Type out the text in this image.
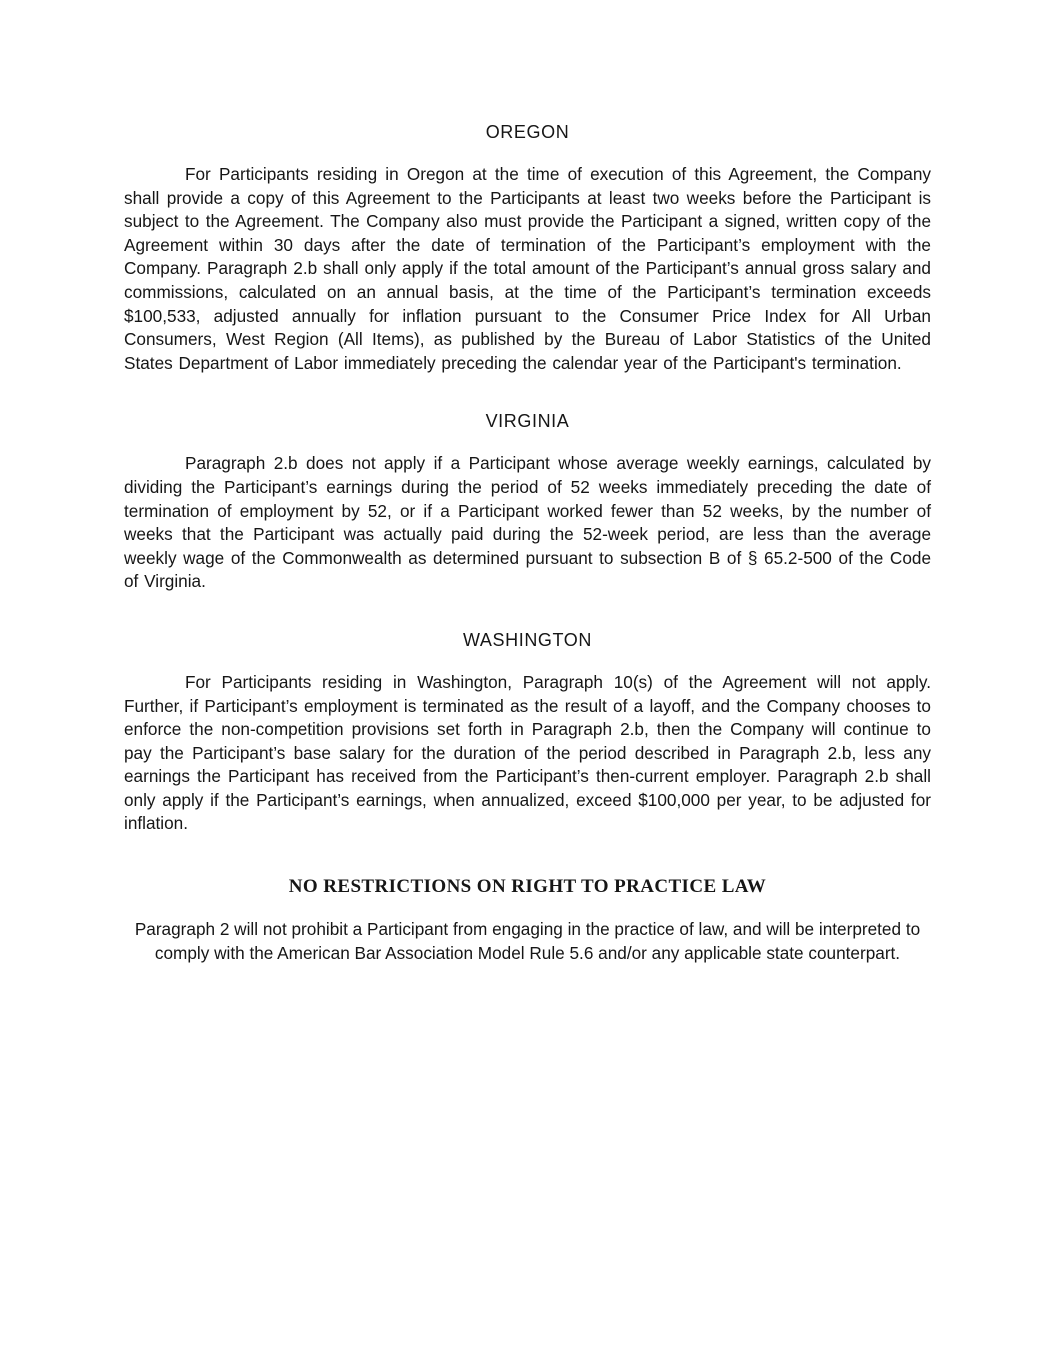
OREGON

For Participants residing in Oregon at the time of execution of this Agreement, the Company shall provide a copy of this Agreement to the Participants at least two weeks before the Participant is subject to the Agreement. The Company also must provide the Participant a signed, written copy of the Agreement within 30 days after the date of termination of the Participant’s employment with the Company. Paragraph 2.b shall only apply if the total amount of the Participant’s annual gross salary and commissions, calculated on an annual basis, at the time of the Participant’s termination exceeds $100,533, adjusted annually for inflation pursuant to the Consumer Price Index for All Urban Consumers, West Region (All Items), as published by the Bureau of Labor Statistics of the United States Department of Labor immediately preceding the calendar year of the Participant's termination.

VIRGINIA

Paragraph 2.b does not apply if a Participant whose average weekly earnings, calculated by dividing the Participant’s earnings during the period of 52 weeks immediately preceding the date of termination of employment by 52, or if a Participant worked fewer than 52 weeks, by the number of weeks that the Participant was actually paid during the 52-week period, are less than the average weekly wage of the Commonwealth as determined pursuant to subsection B of § 65.2-500 of the Code of Virginia.

WASHINGTON

For Participants residing in Washington, Paragraph 10(s) of the Agreement will not apply. Further, if Participant’s employment is terminated as the result of a layoff, and the Company chooses to enforce the non-competition provisions set forth in Paragraph 2.b, then the Company will continue to pay the Participant’s base salary for the duration of the period described in Paragraph 2.b, less any earnings the Participant has received from the Participant’s then-current employer. Paragraph 2.b shall only apply if the Participant’s earnings, when annualized, exceed $100,000 per year, to be adjusted for inflation.

NO RESTRICTIONS ON RIGHT TO PRACTICE LAW

Paragraph 2 will not prohibit a Participant from engaging in the practice of law, and will be interpreted to comply with the American Bar Association Model Rule 5.6 and/or any applicable state counterpart.
